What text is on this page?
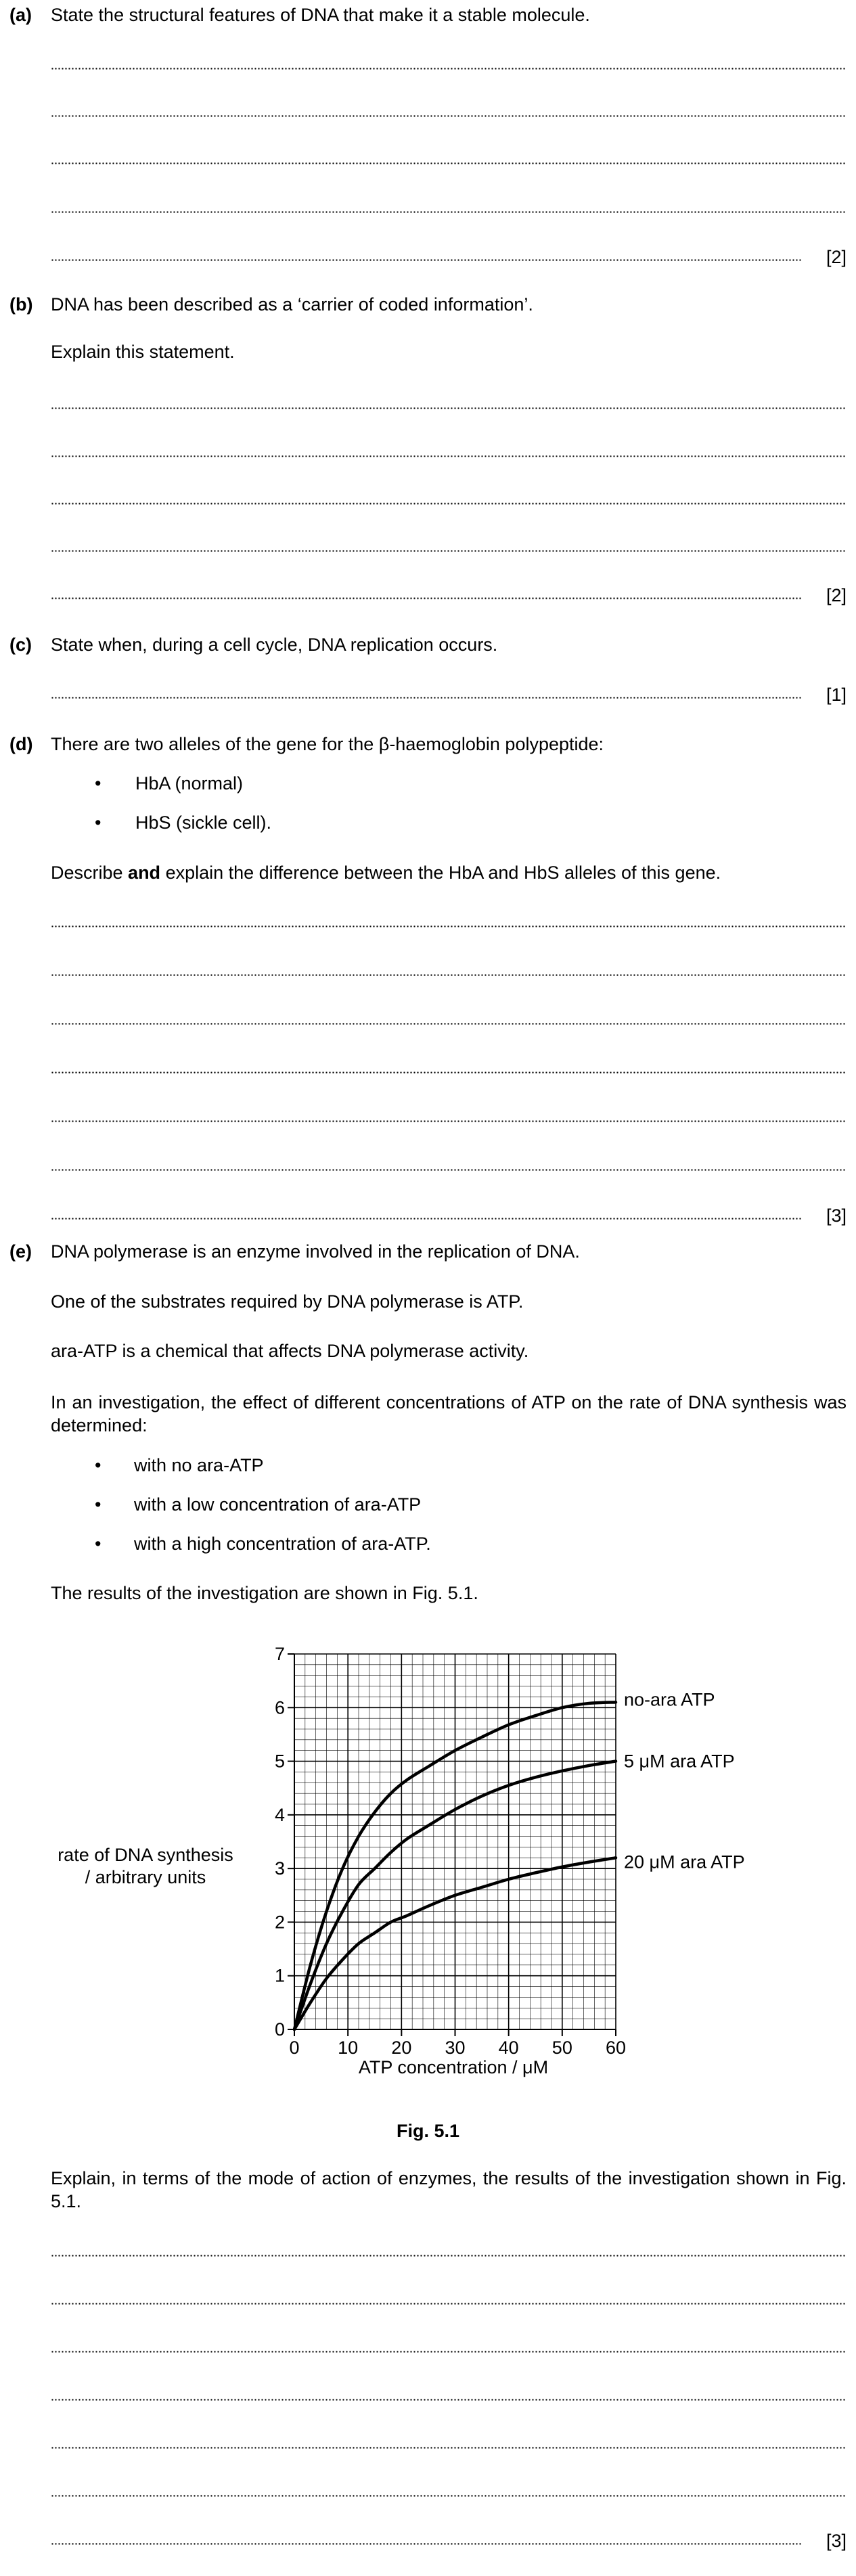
(a) State the structural features of DNA that make it a stable molecule.
[2]
(b) DNA has been described as a ‘carrier of coded information’.
Explain this statement.
[2]
(c) State when, during a cell cycle, DNA replication occurs.
[1]
(d) There are two alleles of the gene for the β-haemoglobin polypeptide:
• HbA (normal)
• HbS (sickle cell).
Describe and explain the difference between the HbA and HbS alleles of this gene.
[3]
(e) DNA polymerase is an enzyme involved in the replication of DNA.
One of the substrates required by DNA polymerase is ATP.
ara-ATP is a chemical that affects DNA polymerase activity.
In an investigation, the effect of different concentrations of ATP on the rate of DNA synthesis was determined:
• with no ara-ATP
• with a low concentration of ara-ATP
• with a high concentration of ara-ATP.
The results of the investigation are shown in Fig. 5.1.
0 10 20 30 40 50 60
0
1
2
3
4
5
6
7
no-ara ATP
5 μM ara ATP
20 μM ara ATP
rate of DNA synthesis
/ arbitrary units
ATP concentration / μM
Fig. 5.1
Explain, in terms of the mode of action of enzymes, the results of the investigation shown in Fig. 5.1.
[3]
